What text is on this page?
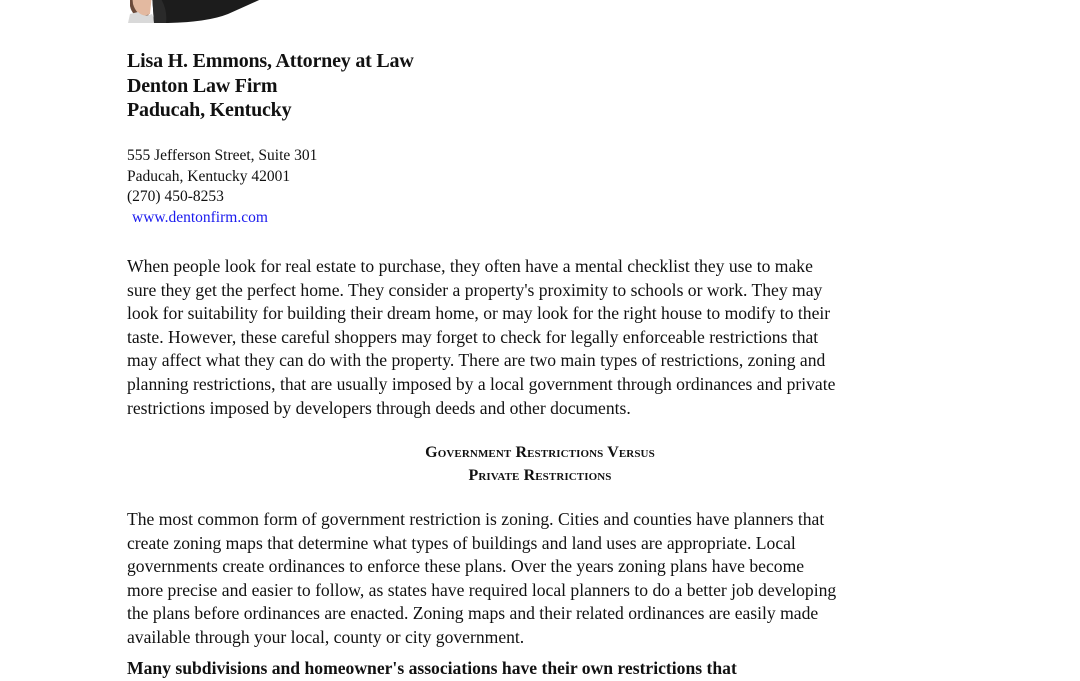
Lisa H. Emmons, Attorney at Law
Denton Law Firm
Paducah, Kentucky
555 Jefferson Street, Suite 301
Paducah, Kentucky 42001
(270) 450-8253
www.dentonfirm.com
When people look for real estate to purchase, they often have a mental checklist they use to make
sure they get the perfect home. They consider a property's proximity to schools or work. They may
look for suitability for building their dream home, or may look for the right house to modify to their
taste. However, these careful shoppers may forget to check for legally enforceable restrictions that
may affect what they can do with the property. There are two main types of restrictions, zoning and
planning restrictions, that are usually imposed by a local government through ordinances and private
restrictions imposed by developers through deeds and other documents.
Government Restrictions Versus
Private Restrictions
The most common form of government restriction is zoning. Cities and counties have planners that
create zoning maps that determine what types of buildings and land uses are appropriate. Local
governments create ordinances to enforce these plans. Over the years zoning plans have become
more precise and easier to follow, as states have required local planners to do a better job developing
the plans before ordinances are enacted. Zoning maps and their related ordinances are easily made
available through your local, county or city government.
Many subdivisions and homeowner's associations have their own restrictions that
